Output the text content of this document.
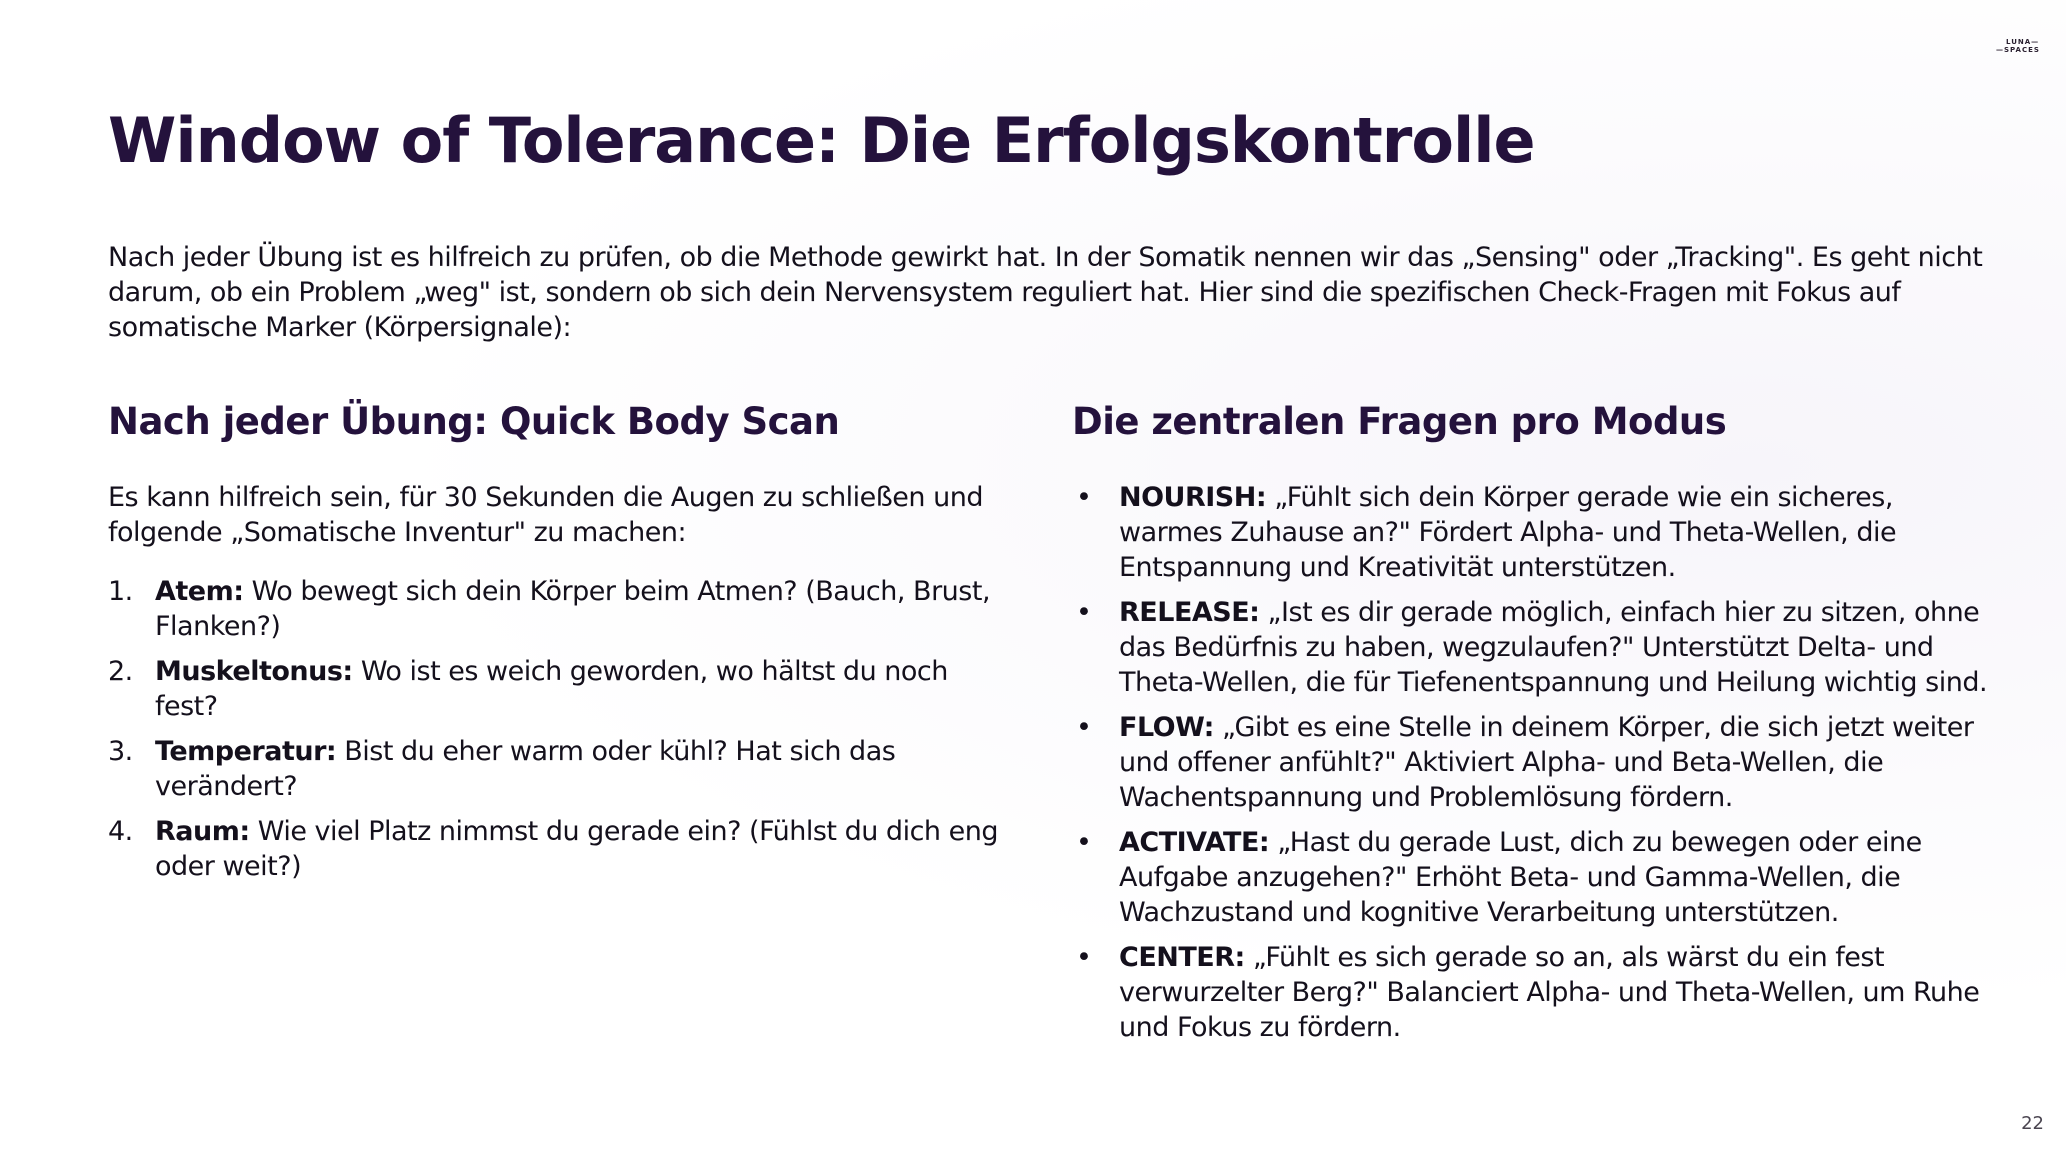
LUNA—
—SPACES
Window of Tolerance: Die Erfolgskontrolle

Nach jeder Übung ist es hilfreich zu prüfen, ob die Methode gewirkt hat. In der Somatik nennen wir das „Sensing" oder „Tracking". Es geht nicht darum, ob ein Problem „weg" ist, sondern ob sich dein Nervensystem reguliert hat. Hier sind die spezifischen Check-Fragen mit Fokus auf somatische Marker (Körpersignale):

Nach jeder Übung: Quick Body Scan

Es kann hilfreich sein, für 30 Sekunden die Augen zu schließen und folgende „Somatische Inventur" zu machen:

1. Atem: Wo bewegt sich dein Körper beim Atmen? (Bauch, Brust, Flanken?)
2. Muskeltonus: Wo ist es weich geworden, wo hältst du noch fest?
3. Temperatur: Bist du eher warm oder kühl? Hat sich das verändert?
4. Raum: Wie viel Platz nimmst du gerade ein? (Fühlst du dich eng oder weit?)
Die zentralen Fragen pro Modus
• NOURISH: „Fühlt sich dein Körper gerade wie ein sicheres, warmes Zuhause an?" Fördert Alpha- und Theta-Wellen, die Entspannung und Kreativität unterstützen.
• RELEASE: „Ist es dir gerade möglich, einfach hier zu sitzen, ohne das Bedürfnis zu haben, wegzulaufen?" Unterstützt Delta- und Theta-Wellen, die für Tiefenentspannung und Heilung wichtig sind.
• FLOW: „Gibt es eine Stelle in deinem Körper, die sich jetzt weiter und offener anfühlt?" Aktiviert Alpha- und Beta-Wellen, die Wachentspannung und Problemlösung fördern.
• ACTIVATE: „Hast du gerade Lust, dich zu bewegen oder eine Aufgabe anzugehen?" Erhöht Beta- und Gamma-Wellen, die Wachzustand und kognitive Verarbeitung unterstützen.
• CENTER: „Fühlt es sich gerade so an, als wärst du ein fest verwurzelter Berg?" Balanciert Alpha- und Theta-Wellen, um Ruhe und Fokus zu fördern.
22
